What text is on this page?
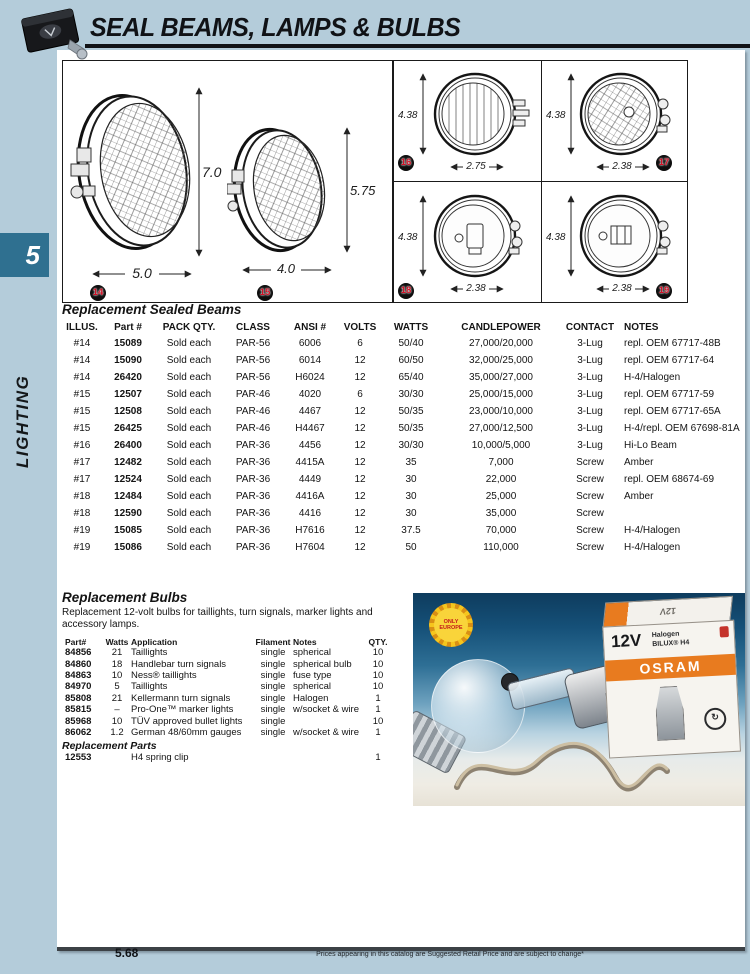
SEAL BEAMS, LAMPS & BULBS
5
LIGHTING
7.0
5.0
5.75
4.0
4.38
2.75
4.38
2.38
4.38
2.38
4.38
2.38
14	15
16	17
18	19
Replacement Sealed Beams
ILLUS.	Part #	PACK QTY.	CLASS	ANSI #	VOLTS	WATTS	CANDLEPOWER	CONTACT NOTES
#14	15089	Sold each	PAR-56	6006	6	50/40	27,000/20,000	3-Lug	repl. OEM 67717-48B
#14	15090	Sold each	PAR-56	6014	12	60/50	32,000/25,000	3-Lug	repl. OEM 67717-64
#14	26420	Sold each	PAR-56	H6024	12	65/40	35,000/27,000	3-Lug	H-4/Halogen
#15	12507	Sold each	PAR-46	4020	6	30/30	25,000/15,000	3-Lug	repl. OEM 67717-59
#15	12508	Sold each	PAR-46	4467	12	50/35	23,000/10,000	3-Lug	repl. OEM 67717-65A
#15	26425	Sold each	PAR-46	H4467	12	50/35	27,000/12,500	3-Lug	H-4/repl. OEM 67698-81A
#16	26400	Sold each	PAR-36	4456	12	30/30	10,000/5,000	3-Lug	Hi-Lo Beam
#17	12482	Sold each	PAR-36	4415A	12	35	7,000	Screw	Amber
#17	12524	Sold each	PAR-36	4449	12	30	22,000	Screw	repl. OEM 68674-69
#18	12484	Sold each	PAR-36	4416A	12	30	25,000	Screw	Amber
#18	12590	Sold each	PAR-36	4416	12	30	35,000	Screw
#19	15085	Sold each	PAR-36	H7616	12	37.5	70,000	Screw	H-4/Halogen
#19	15086	Sold each	PAR-36	H7604	12	50	110,000	Screw	H-4/Halogen
Replacement Bulbs
Replacement 12-volt bulbs for taillights, turn signals, marker lights and accessory lamps.
Part#	Watts Application	Filament Notes	QTY.
84856	21 Taillights	single spherical	10
84860	18 Handlebar turn signals	single spherical bulb	10
84863	10 Ness® taillights	single fuse type	10
84970	5	Taillights	single spherical	10
85808	21 Kellermann turn signals	single Halogen	1
85815	–	Pro-One™ marker lights	single w/socket & wire	1
85968	10 TÜV approved bullet lights	single	10
86062	1.2 German 48/60mm gauges	single w/socket & wire	1
Replacement Parts
12553	H4 spring clip	1
ONLY EUROPE
12V
12V Halogen
BILUX® H4
OSRAM
↻
5.68	Prices appearing in this catalog are Suggested Retail Price and are subject to change*
